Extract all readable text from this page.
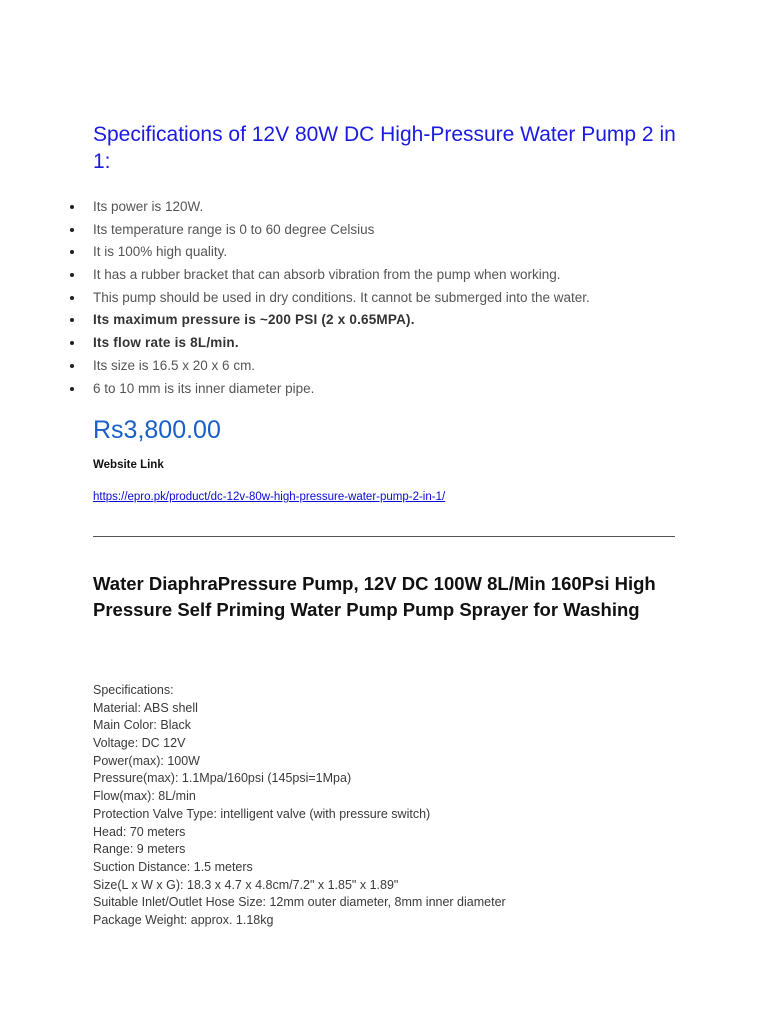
Specifications of 12V 80W DC High-Pressure Water Pump 2 in 1:
Its power is 120W.
Its temperature range is 0 to 60 degree Celsius
It is 100% high quality.
It has a rubber bracket that can absorb vibration from the pump when working.
This pump should be used in dry conditions. It cannot be submerged into the water.
Its maximum pressure is ~200 PSI (2 x 0.65MPA).
Its flow rate is 8L/min.
Its size is 16.5 x 20 x 6 cm.
6 to 10 mm is its inner diameter pipe.
Rs3,800.00
Website Link
https://epro.pk/product/dc-12v-80w-high-pressure-water-pump-2-in-1/
Water DiaphraPressure Pump, 12V DC 100W 8L/Min 160Psi High Pressure Self Priming Water Pump Pump Sprayer for Washing
Specifications:
Material: ABS shell
Main Color: Black
Voltage: DC 12V
Power(max): 100W
Pressure(max): 1.1Mpa/160psi (145psi=1Mpa)
Flow(max): 8L/min
Protection Valve Type: intelligent valve (with pressure switch)
Head: 70 meters
Range: 9 meters
Suction Distance: 1.5 meters
Size(L x W x G): 18.3 x 4.7 x 4.8cm/7.2" x 1.85" x 1.89"
Suitable Inlet/Outlet Hose Size: 12mm outer diameter, 8mm inner diameter
Package Weight: approx. 1.18kg
